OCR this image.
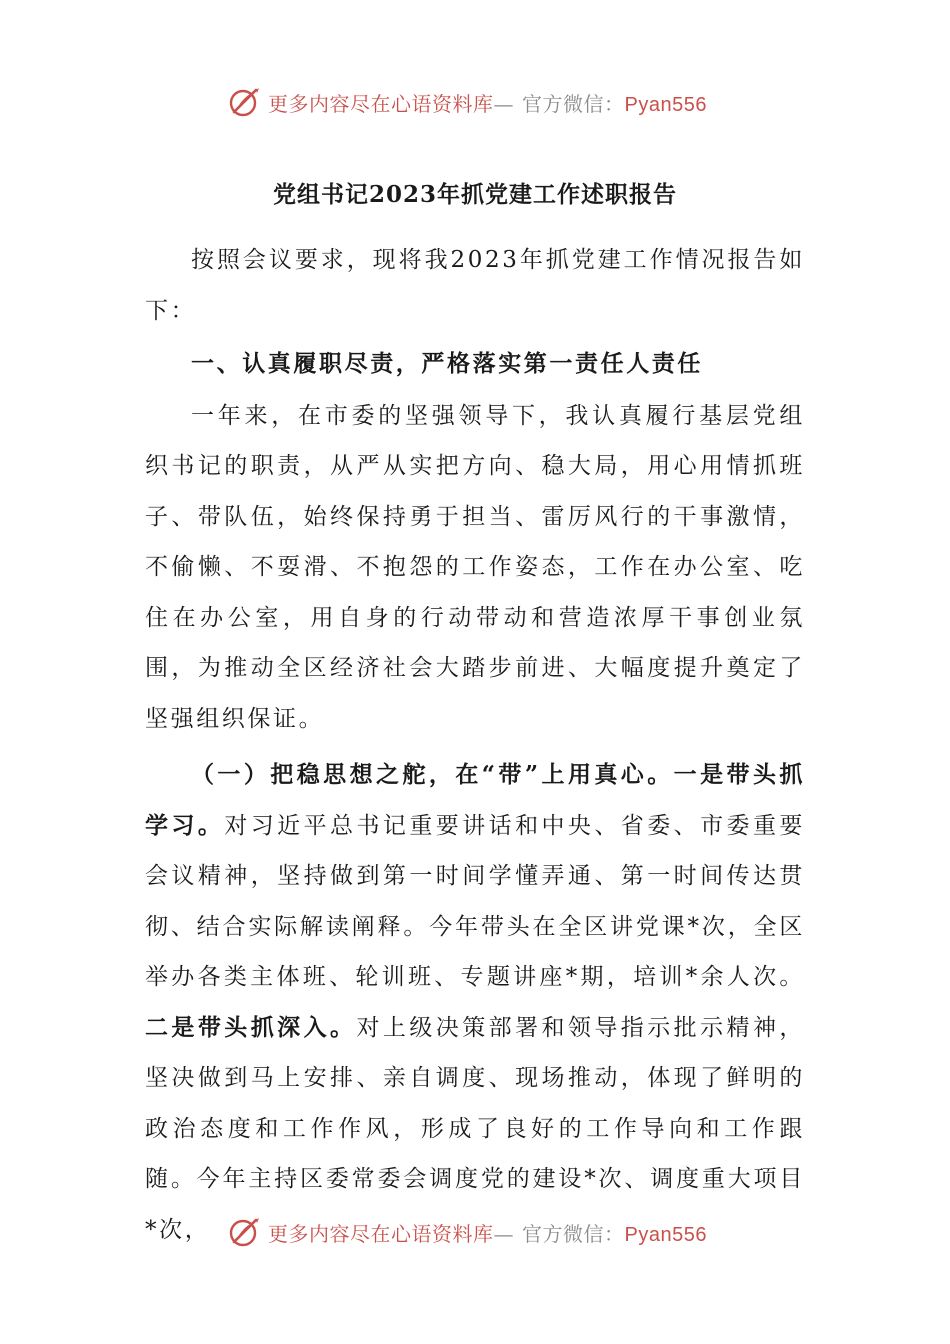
更多内容尽在心语资料库— 官方微信：Pyan556
党组书记2023年抓党建工作述职报告

按照会议要求，现将我2023年抓党建工作情况报告如下：

一、认真履职尽责，严格落实第一责任人责任

一年来，在市委的坚强领导下，我认真履行基层党组织书记的职责，从严从实把方向、稳大局，用心用情抓班子、带队伍，始终保持勇于担当、雷厉风行的干事激情，不偷懒、不耍滑、不抱怨的工作姿态，工作在办公室、吃住在办公室，用自身的行动带动和营造浓厚干事创业氛围，为推动全区经济社会大踏步前进、大幅度提升奠定了坚强组织保证。

（一）把稳思想之舵，在“带”上用真心。一是带头抓学习。对习近平总书记重要讲话和中央、省委、市委重要会议精神，坚持做到第一时间学懂弄通、第一时间传达贯彻、结合实际解读阐释。今年带头在全区讲党课*次，全区举办各类主体班、轮训班、专题讲座*期，培训*余人次。二是带头抓深入。对上级决策部署和领导指示批示精神，坚决做到马上安排、亲自调度、现场推动，体现了鲜明的政治态度和工作作风，形成了良好的工作导向和工作跟随。今年主持区委常委会调度党的建设*次、调度重大项目*次，	更多内容尽在心语资料库— 官方微信：Pyan556
